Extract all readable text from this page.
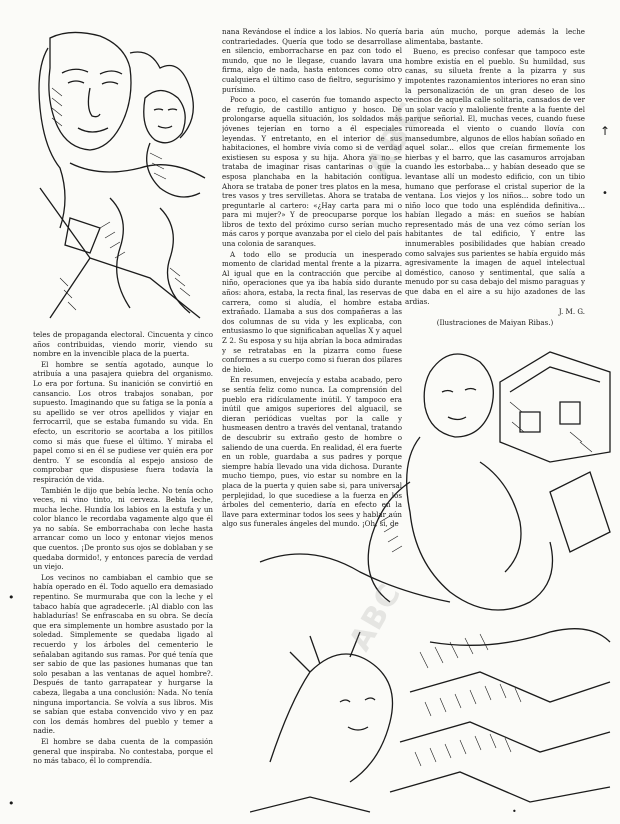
teles de propaganda electoral. Cincuenta y cinco años contribuidas, viendo morir, viendo su nombre en la invencible placa de la puerta.

El hombre se sentía agotado, aunque lo atribuía a una pasajera quiebra del organismo. Lo era por fortuna. Su inanición se convirtió en cansancio. Los otros trabajos sonaban, por supuesto. Imaginando que su fatiga se la ponía a su apellido se ver otros apellidos y viajar en ferrocarril, que se estaba fumando su vida. En efecto, un escritorio se acortaba a los pitillos como si más que fuese el último. Y miraba el papel como si en él se pudiese ver quién era por dentro. Y se escondía al espejo ansioso de comprobar que dispusiese fuera todavía la respiración de vida.

También le dijo que bebía leche. No tenía ocho veces, ni vino tinto, ni cerveza. Bebía leche, mucha leche. Hundía los labios en la estufa y un color blanco le recordaba vagamente algo que él ya no sabía. Se emborrachaba con leche hasta arrancar como un loco y entonar viejos menos que cuentos. ¡De pronto sus ojos se doblaban y se quedaba dormido!, y entonces parecía de verdad un viejo.

Los vecinos no cambiaban el cambio que se había operado en él. Todo aquello era demasiado repentino. Se murmuraba que con la leche y el tabaco había que agradecerle. ¡Al diablo con las habladurías! Se enfrascaba en su obra. Se decía que era simplemente un hombre asustado por la soledad. Simplemente se quedaba ligado al recuerdo y los árboles del cementerio le señalaban agitando sus ramas. Por qué tenía que ser sabio de que las pasiones humanas que tan solo pesaban a las ventanas de aquel hombre?. Después de tanto garrapatear y hurgarse la cabeza, llegaba a una conclusión: Nada. No tenía ninguna importancia. Se volvía a sus libros. Mis se sabían que estaba convencido vivo y en paz con los demás hombres del pueblo y temer a nadie.

El hombre se daba cuenta de la compasión general que inspiraba. No contestaba, porque el no más tabaco, él lo comprendía.

nana Revándose el índice a los labios. No quería contrariedades. Quería que todo se desarrollase en silencio, emborracharse en paz con todo el mundo, que no le llegase, cuando lavara una firma, algo de nada, hasta entonces como otro cualquiera el último caso de fieltro, segurísimo y purísimo.

Poco a poco, el caserón fue tomando aspecto de refugio, de castillo antiguo y hosco. De prolongarse aquella situación, los soldados más jóvenes tejerían en torno a él especiales leyendas. Y entretanto, en el interior de sus habitaciones, el hombre vivía como si de verdad existiesen su esposa y su hija. Ahora ya no se trataba de imaginar risas cantarinas o que la esposa planchaba en la habitación contigua. Ahora se trataba de poner tres platos en la mesa, tres vasos y tres servilletas. Ahora se trataba de preguntarle al cartero: «¿Hay carta para mi o para mi mujer?» Y de preocuparse porque los libros de texto del próximo curso serían mucho más caros y porque avanzaba por el cielo del país una colonia de saranques.

A todo ello se producía un inesperado momento de claridad mental frente a la pizarra. Al igual que en la contracción que percibe al niño, operaciones que ya iba había sido durante años: ahora, estaba, la recta final, las reservas de carrera, como si aludía, el hombre estaba extrañado. Llamaba a sus dos compañeras a las dos columnas de su vida y les explicaba, con entusiasmo lo que significaban aquellas X y aquel Z 2. Su esposa y su hija abrían la boca admiradas y se retratabas en la pizarra como fuese conformes a su cuerpo como si fueran dos pilares de hielo.

En resumen, envejecía y estaba acabado, pero se sentía feliz como nunca. La comprensión del pueblo era ridículamente inútil. Y tampoco era inútil que amigos superiores del alguacil, se dieran periódicas vueltas por la calle y husmeasen dentro a través del ventanal, tratando de descubrir su extraño gesto de hombre o saliendo de una cuerda. En realidad, él era fuerte en un roble, guardaba a sus padres y porque siempre había llevado una vida dichosa. Durante mucho tiempo, pues, vio estar su nombre en la placa de la puerta y quien sabe si, para universal perplejidad, lo que sucediese a la fuerza en los árboles del cementerio, daría en efecto en la llave para exterminar todos los sees y hablar aún algo sus funerales ángeles del mundo. ¡Oh, si, de

baria aún mucho, porque además la leche alimentaba, bastante.

Bueno, es preciso confesar que tampoco este hombre existía en el pueblo. Su humildad, sus canas, su silueta frente a la pizarra y sus impotentes razonamientos interiores no eran sino la personalización de un gran deseo de los vecinos de aquella calle solitaria, cansados de ver un solar vacío y maloliente frente a la fuente del parque señorial. El, muchas veces, cuando fuese rumoreada el viento o cuando llovía con mansedumbre, algunos de ellos habían soñado en aquel solar... ellos que creían firmemente los hierbas y el barro, que las casamuros arrojaban cuando les estorbaba... y habían deseado que se levantase allí un modesto edificio, con un tibio humano que perforase el cristal superior de la ventana. Los viejos y los niños... sobre todo un niño loco que todo una espléndida definitiva... habían llegado a más: en sueños se habían representado más de una vez cómo serían los habitantes de tal edificio, Y entre las innumerables posibilidades que habían creado como salvajes sus parientes se había erguido más agresivamente la imagen de aquel intelectual doméstico, canoso y sentimental, que salía a menudo por su casa debajo del mismo paraguas y que daba en el aire a su hijo azadones de las ardias.

J. M. G.

(Ilustraciones de Maiyan Ribas.)

↑
•
•
•
•
ABC
ABC
